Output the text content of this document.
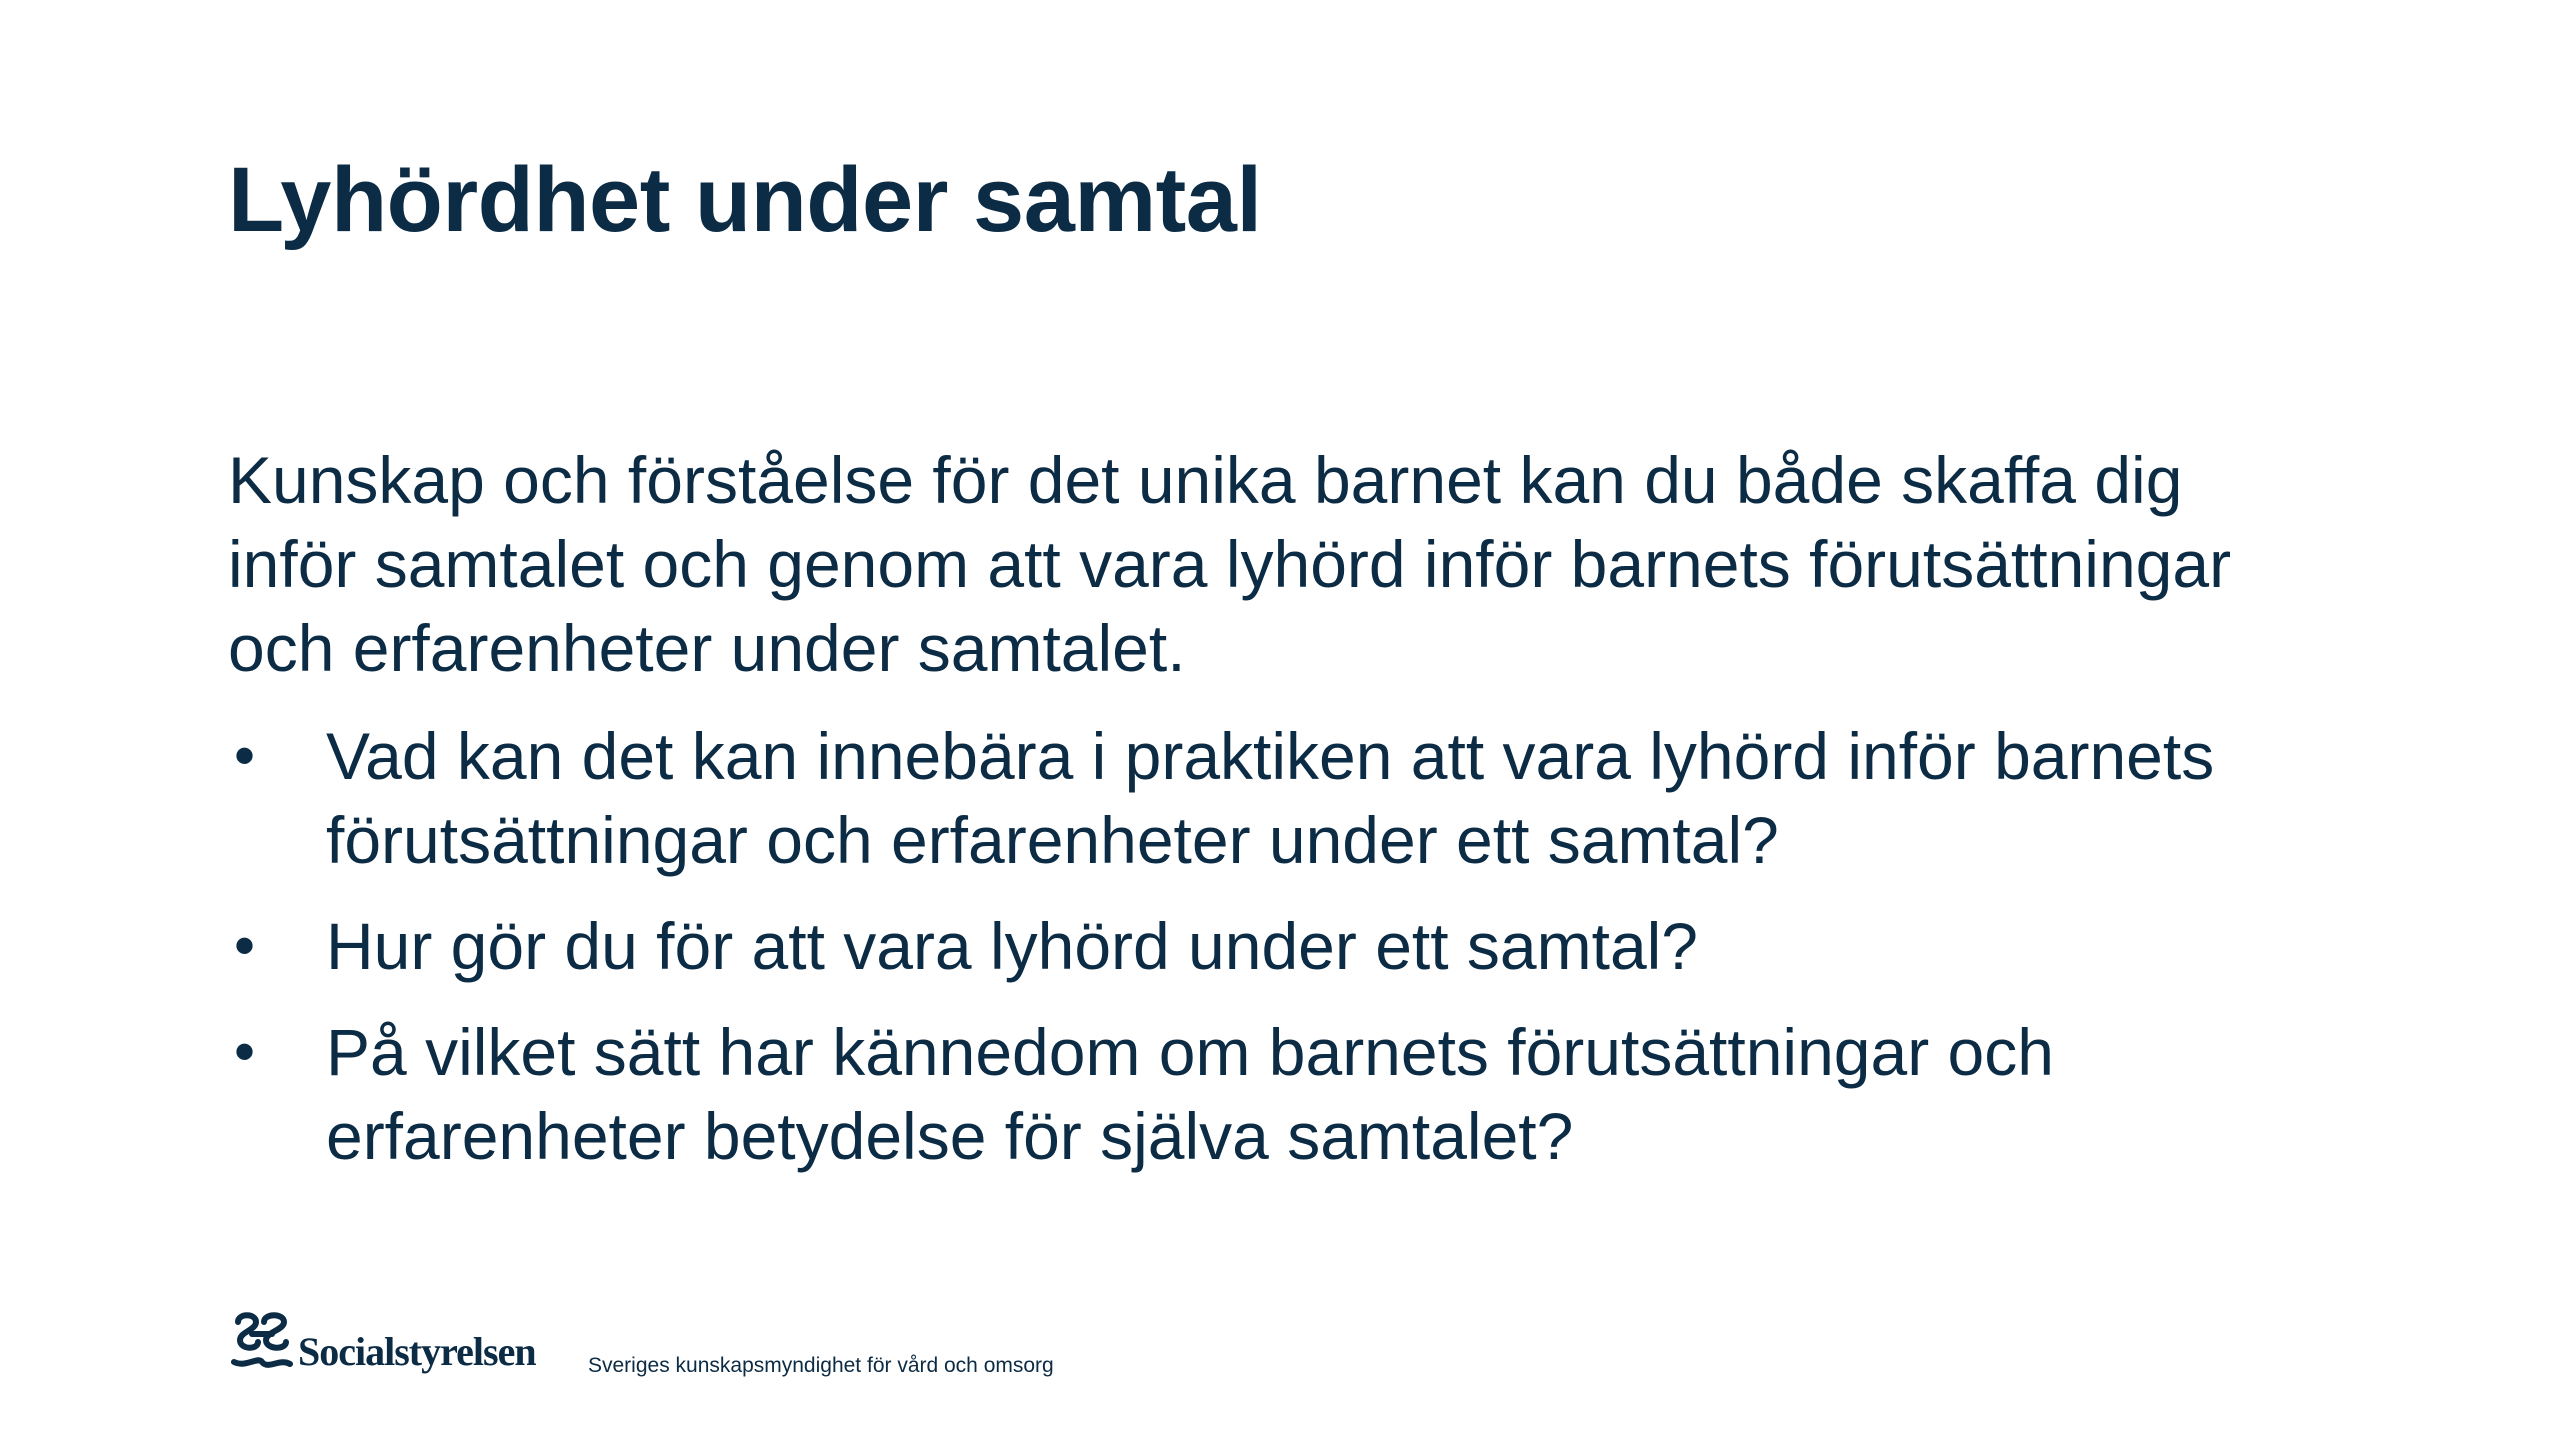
Lyhördhet under samtal

Kunskap och förståelse för det unika barnet kan du både skaffa dig inför samtalet och genom att vara lyhörd inför barnets förutsättningar och erfarenheter under samtalet.

• Vad kan det kan innebära i praktiken att vara lyhörd inför barnets förutsättningar och erfarenheter under ett samtal?
• Hur gör du för att vara lyhörd under ett samtal?
• På vilket sätt har kännedom om barnets förutsättningar och erfarenheter betydelse för själva samtalet?
Socialstyrelsen Sveriges kunskapsmyndighet för vård och omsorg
